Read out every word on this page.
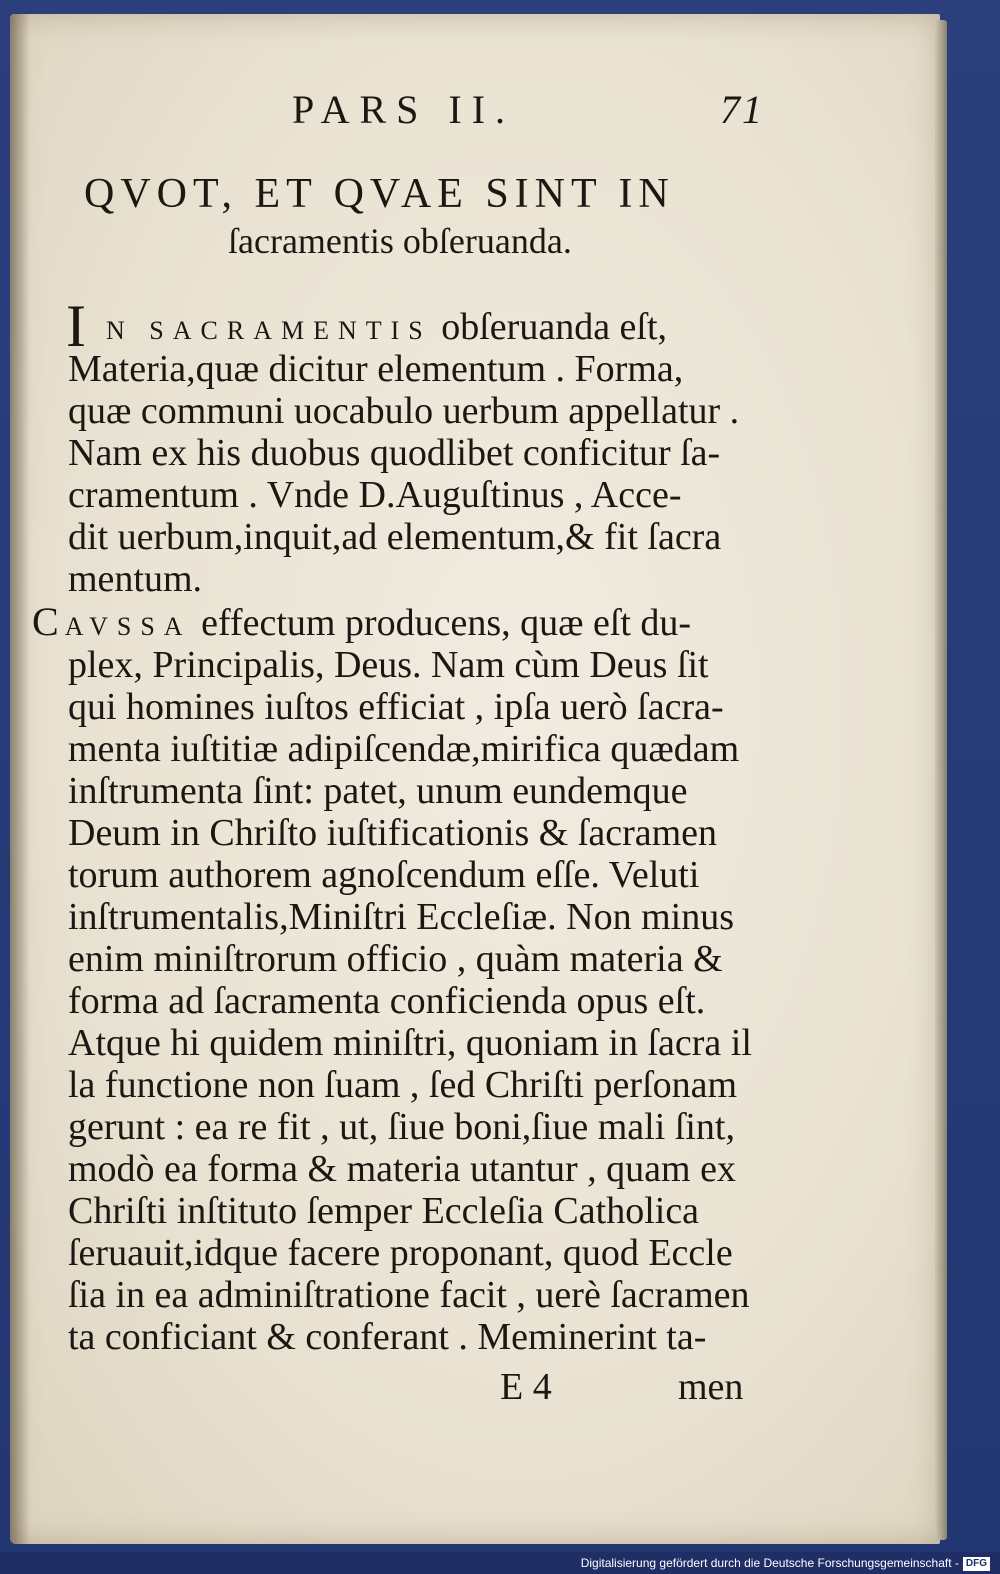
PARS II.	71
QVOT, ET QVAE SINT IN
ſacramentis obſeruanda.
I N SACRAMENTIS obſeruanda eſt,
Materia,quæ dicitur elementum . Forma,
quæ communi uocabulo uerbum appellatur .
Nam ex his duobus quodlibet conficitur ſa-
cramentum . Vnde D.Auguſtinus , Acce-
dit uerbum,inquit,ad elementum,& fit ſacra
mentum.
CAVSSA effectum producens, quæ eſt du-
plex, Principalis, Deus. Nam cùm Deus ſit
qui homines iuſtos efficiat , ipſa uerò ſacra-
menta iuſtitiæ adipiſcendæ,mirifica quædam
inſtrumenta ſint: patet, unum eundemque
Deum in Chriſto iuſtificationis & ſacramen
torum authorem agnoſcendum eſſe. Veluti
inſtrumentalis,Miniſtri Eccleſiæ. Non minus
enim miniſtrorum officio , quàm materia &
forma ad ſacramenta conficienda opus eſt.
Atque hi quidem miniſtri, quoniam in ſacra il
la functione non ſuam , ſed Chriſti perſonam
gerunt : ea re fit , ut, ſiue boni,ſiue mali ſint,
modò ea forma & materia utantur , quam ex
Chriſti inſtituto ſemper Eccleſia Catholica
ſeruauit,idque facere proponant, quod Eccle
ſia in ea adminiſtratione facit , uerè ſacramen
ta conficiant & conferant . Meminerint ta-
E 4	men
Digitalisierung gefördert durch die Deutsche Forschungsgemeinschaft - DFG
